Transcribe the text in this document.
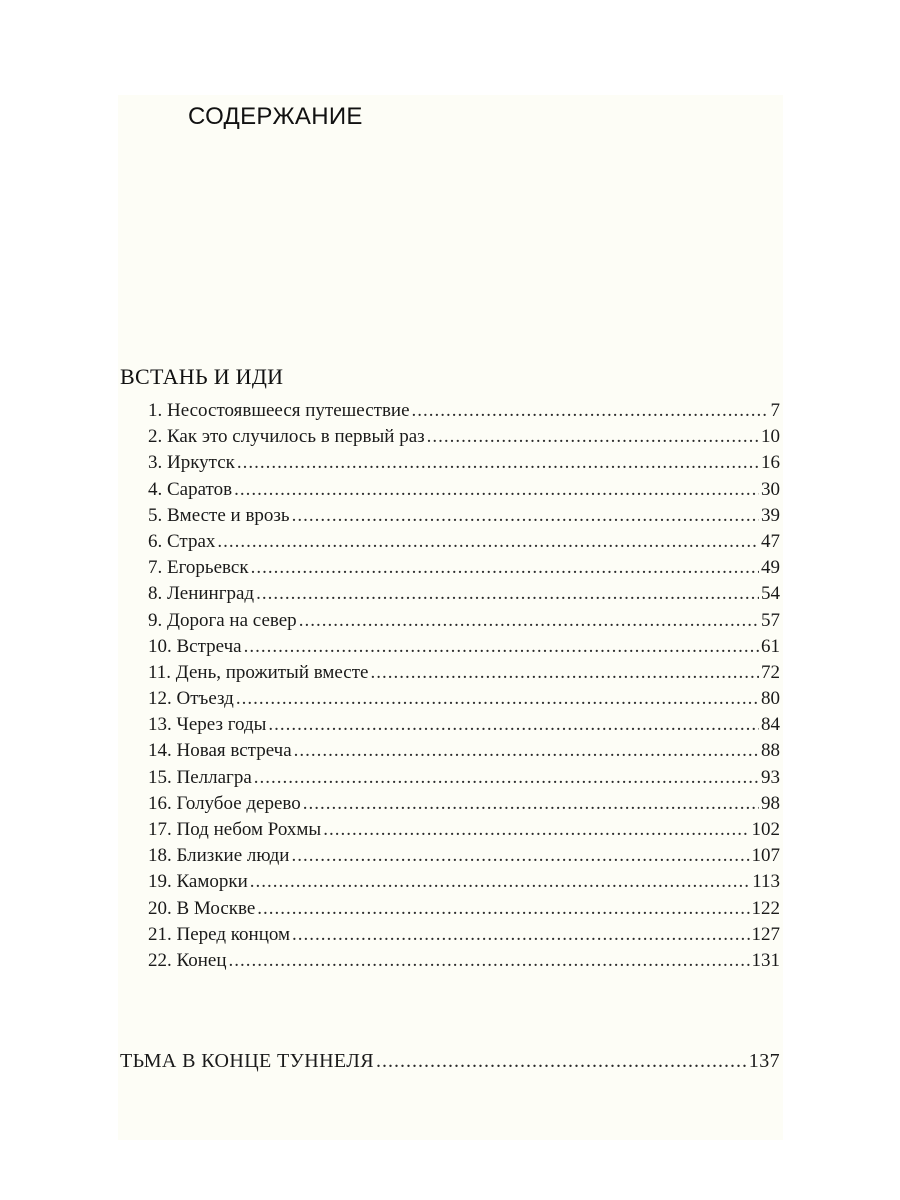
СОДЕРЖАНИЕ
ВСТАНЬ И ИДИ
1. Несостоявшееся путешествие .....	7
2. Как это случилось в первый раз .....	10
3. Иркутск .....	16
4. Саратов .....	30
5. Вместе и врозь .....	39
6. Страх .....	47
7. Егорьевск .....	49
8. Ленинград .....	54
9. Дорога на север .....	57
10. Встреча .....	61
11. День, прожитый вместе .....	72
12. Отъезд .....	80
13. Через годы .....	84
14. Новая встреча .....	88
15. Пеллагра .....	93
16. Голубое дерево .....	98
17. Под небом Рохмы .....	102
18. Близкие люди .....	107
19. Каморки .....	113
20. В Москве .....	122
21. Перед концом .....	127
22. Конец .....	131
ТЬМА В КОНЦЕ ТУННЕЛЯ .....	137
